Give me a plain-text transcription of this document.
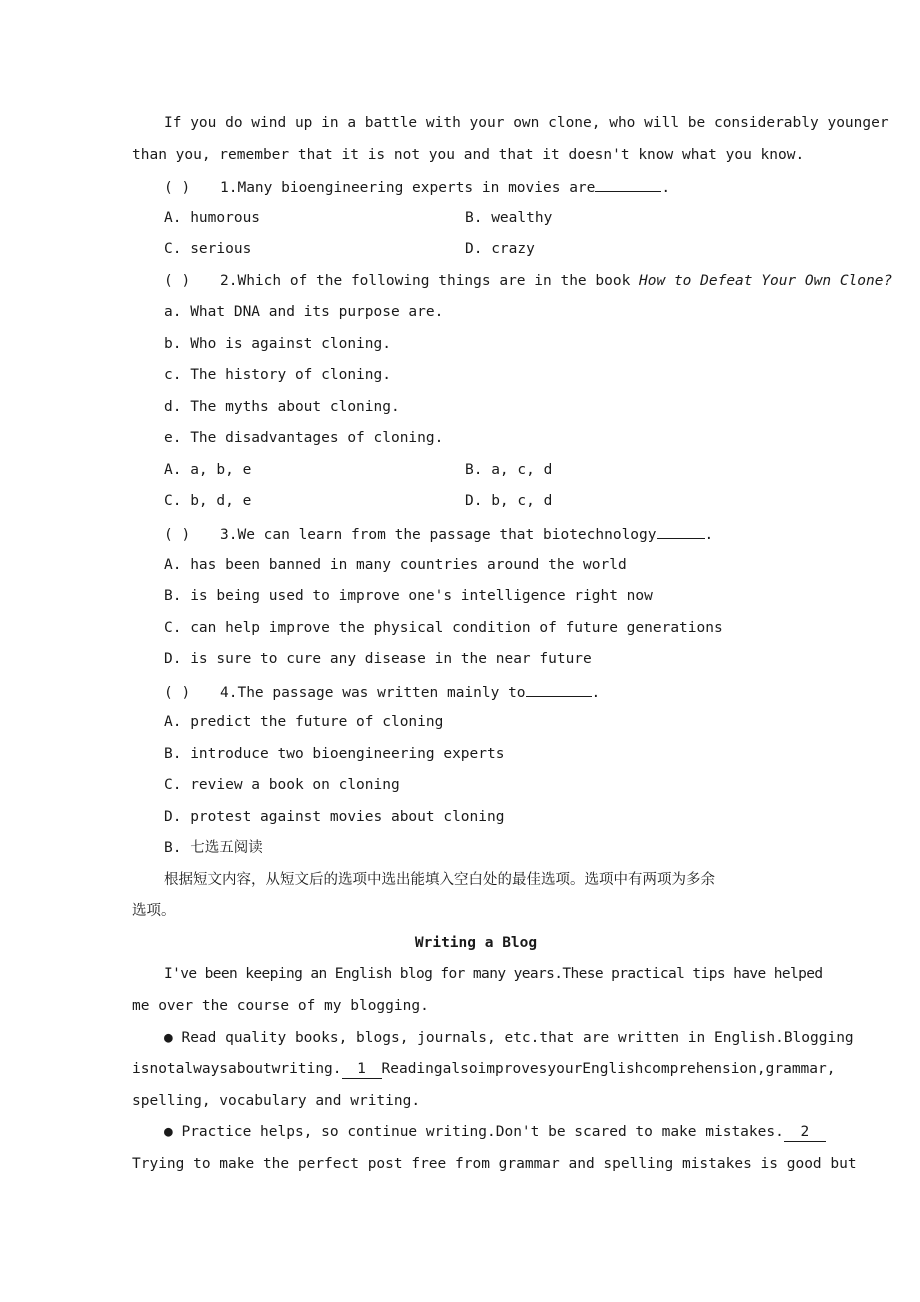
If you do wind up in a battle with your own clone, who will be considerably younger
than you, remember that it is not you and that it doesn't know what you know.
( ) 1.Many bioengineering experts in movies are	.
A. humorous	B. wealthy
C. serious	D. crazy
( ) 2.Which of the following things are in the book How to Defeat Your Own Clone?
a. What DNA and its purpose are.
b. Who is against cloning.
c. The history of cloning.
d. The myths about cloning.
e. The disadvantages of cloning.
A. a, b, e	B. a, c, d
C. b, d, e	D. b, c, d
( ) 3.We can learn from the passage that biotechnology	.
A. has been banned in many countries around the world
B. is being used to improve one's intelligence right now
C. can help improve the physical condition of future generations
D. is sure to cure any disease in the near future
( ) 4.The passage was written mainly to	.
A. predict the future of cloning
B. introduce two bioengineering experts
C. review a book on cloning
D. protest against movies about cloning
B. 七选五阅读
根据短文内容，从短文后的选项中选出能填入空白处的最佳选项。选项中有两项为多余
选项。
Writing a Blog
I've been keeping an English blog for many years.These practical tips have helped
me over the course of my blogging.
● Read quality books, blogs, journals, etc.that are written in English.Blogging
isnotalwaysaboutwriting. 1 ReadingalsoimprovesyourEnglishcomprehension,grammar,
spelling, vocabulary and writing.
● Practice helps, so continue writing.Don't be scared to make mistakes. 2
Trying to make the perfect post free from grammar and spelling mistakes is good but
